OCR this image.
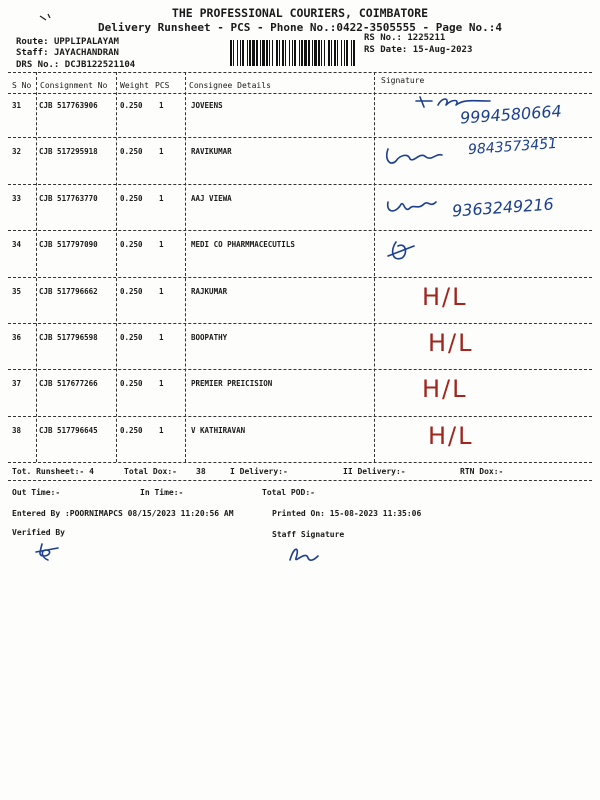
THE PROFESSIONAL COURIERS, COIMBATORE
Delivery Runsheet - PCS - Phone No.:0422-3505555 - Page No.:4
Route: UPPLIPALAYAM
Staff: JAYACHANDRAN
DRS No.: DCJB122521104
RS No.: 1225211
RS Date: 15-Aug-2023
S No Consignment No Weight PCS Consignee Details
Signature
31 CJB 517763906	0.250 1	JOVEENS	9994580664
32 CJB 517295918	0.250 1	RAVIKUMAR	9843573451
33 CJB 517763770	0.250 1	AAJ VIEWA	9363249216
34 CJB 517797090	0.250 1	MEDI CO PHARMMACECUTILS
35 CJB 517796662	0.250 1	RAJKUMAR	H/L
36 CJB 517796598	0.250 1	BOOPATHY	H/L
37 CJB 517677266	0.250 1	PREMIER PREICISION	H/L
38 CJB 517796645	0.250 1	V KATHIRAVAN	H/L
Tot. Runsheet:- 4	Total Dox:- 38	I Delivery:-	II Delivery:-	RTN Dox:-
Out Time:-	In Time:-	Total POD:-
Entered By :POORNIMAPCS 08/15/2023 11:20:56 AM	Printed On: 15-08-2023 11:35:06
Verified By	Staff Signature
